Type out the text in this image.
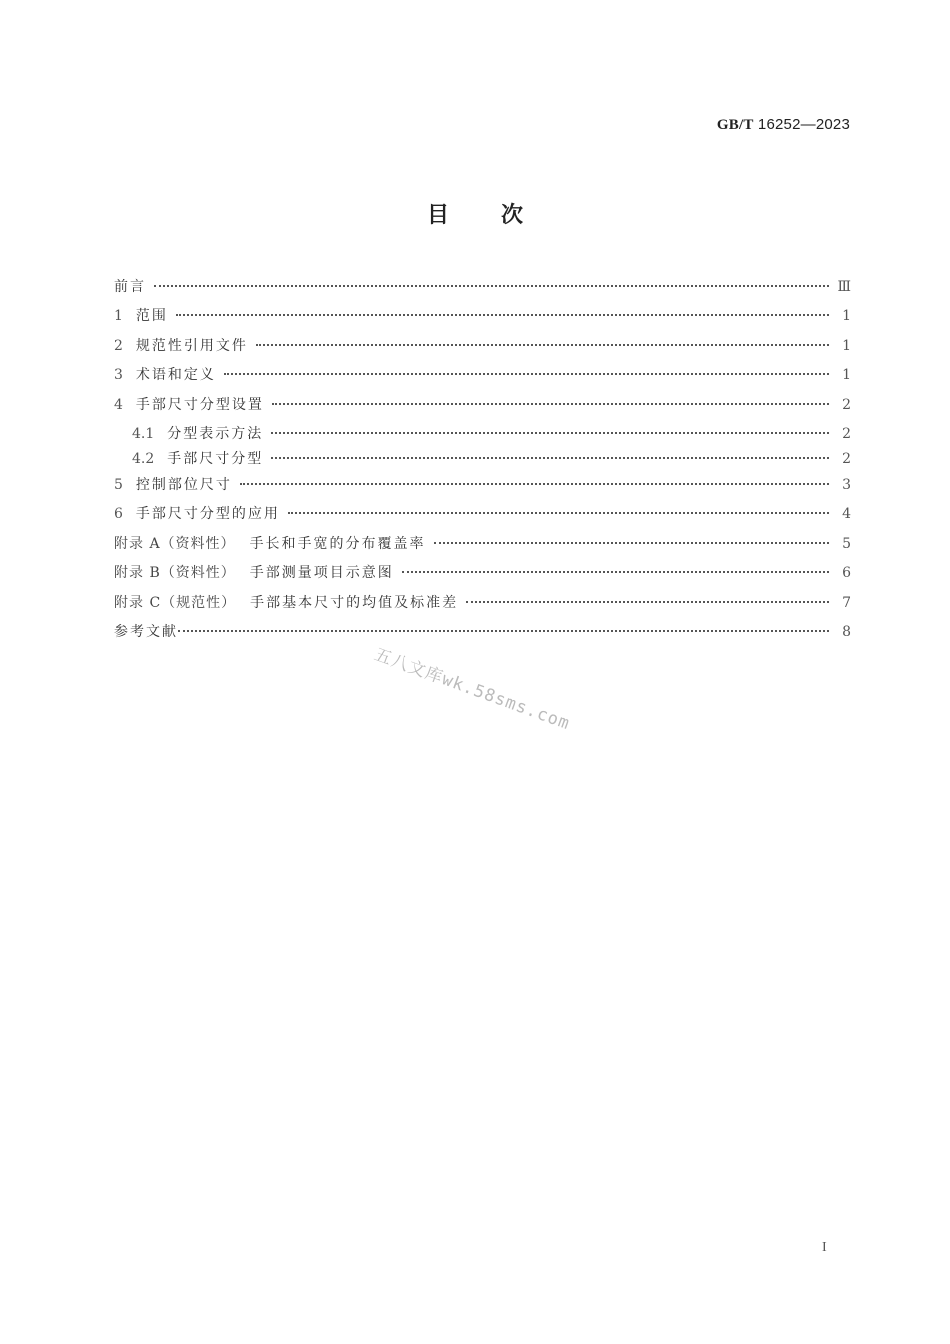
GB/T 16252—2023
目次
前言	Ⅲ
1 范围	1
2 规范性引用文件	1
3 术语和定义	1
4 手部尺寸分型设置	2
4.1 分型表示方法	2
4.2 手部尺寸分型	2
5 控制部位尺寸	3
6 手部尺寸分型的应用	4
附录 A（资料性） 手长和手宽的分布覆盖率	5
附录 B（资料性） 手部测量项目示意图	6
附录 C（规范性） 手部基本尺寸的均值及标准差	7
参考文献	8
五八文库wk.58sms.com
I
